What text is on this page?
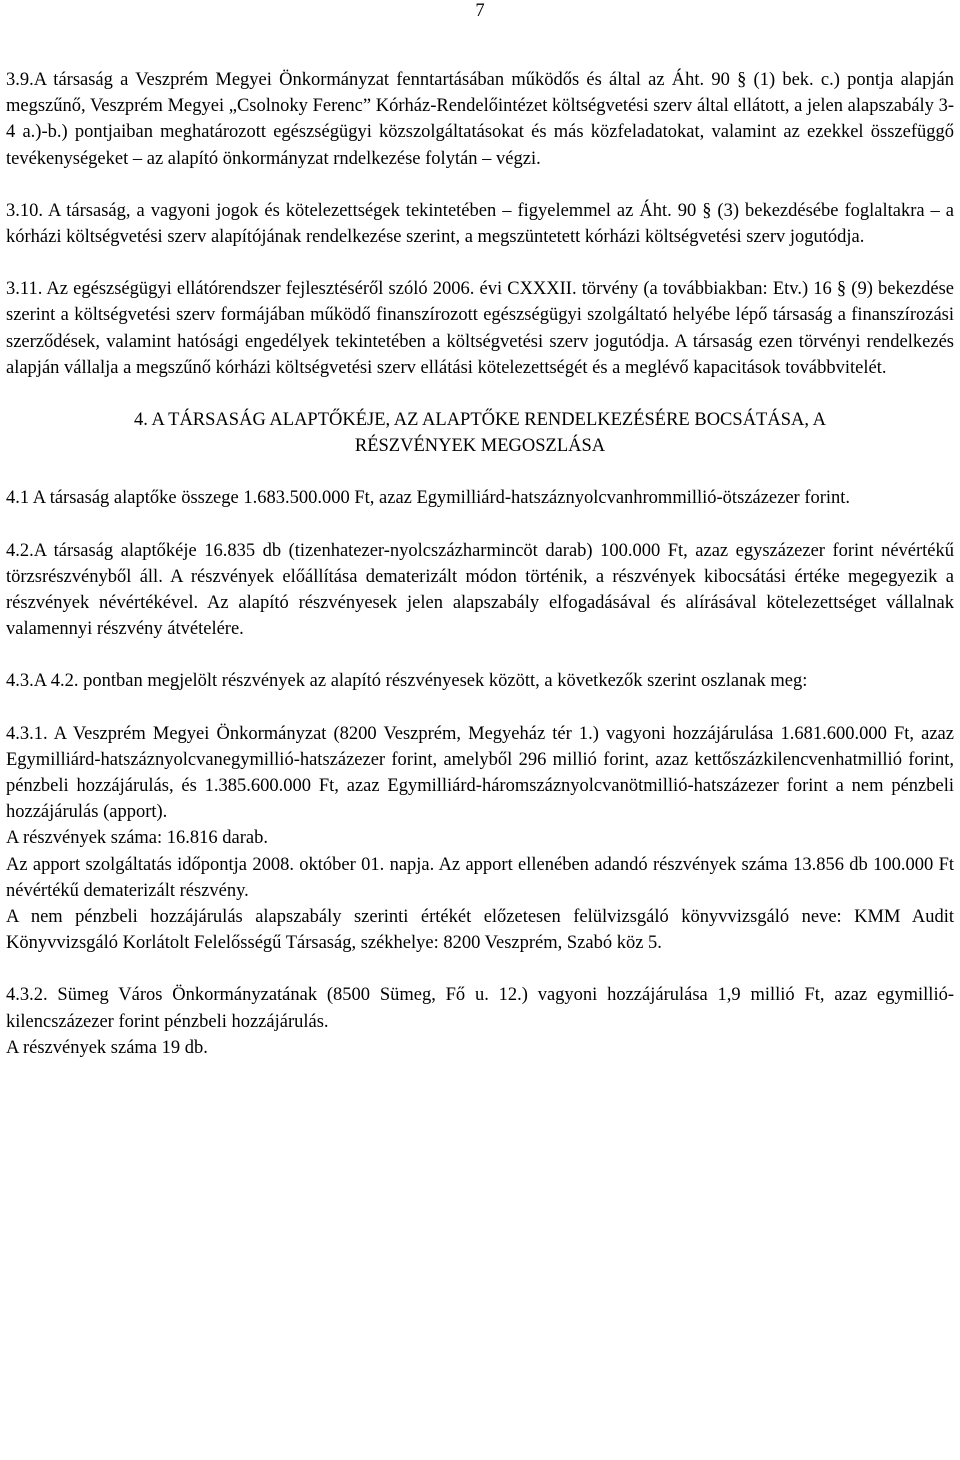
7

3.9.A társaság a Veszprém Megyei Önkormányzat fenntartásában működős és által az Áht. 90 § (1) bek. c.) pontja alapján megszűnő, Veszprém Megyei „Csolnoky Ferenc” Kórház-Rendelőintézet költségvetési szerv által ellátott, a jelen alapszabály 3-4 a.)-b.) pontjaiban meghatározott egészségügyi közszolgáltatásokat és más közfeladatokat, valamint az ezekkel összefüggő tevékenységeket – az alapító önkormányzat rndelkezése folytán – végzi.

3.10. A társaság, a vagyoni jogok és kötelezettségek tekintetében – figyelemmel az Áht. 90 § (3) bekezdésébe foglaltakra – a kórházi költségvetési szerv alapítójának rendelkezése szerint, a megszüntetett kórházi költségvetési szerv jogutódja.

3.11. Az egészségügyi ellátórendszer fejlesztéséről szóló 2006. évi CXXXII. törvény (a továbbiakban: Etv.) 16 § (9) bekezdése szerint a költségvetési szerv formájában működő finanszírozott egészségügyi szolgáltató helyébe lépő társaság a finanszírozási szerződések, valamint hatósági engedélyek tekintetében a költségvetési szerv jogutódja. A társaság ezen törvényi rendelkezés alapján vállalja a megszűnő kórházi költségvetési szerv ellátási kötelezettségét és a meglévő kapacitások továbbvitelét.

4. A TÁRSASÁG ALAPTŐKÉJE, AZ ALAPTŐKE RENDELKEZÉSÉRE BOCSÁTÁSA, A
RÉSZVÉNYEK MEGOSZLÁSA

4.1 A társaság alaptőke összege 1.683.500.000 Ft, azaz Egymilliárd-hatszáznyolcvanhrommillió-ötszázezer forint.

4.2.A társaság alaptőkéje 16.835 db (tizenhatezer-nyolcszázharmincöt darab) 100.000 Ft, azaz egyszázezer forint névértékű törzsrészvényből áll. A részvények előállítása dematerizált módon történik, a részvények kibocsátási értéke megegyezik a részvények névértékével. Az alapító részvényesek jelen alapszabály elfogadásával és alírásával kötelezettséget vállalnak valamennyi részvény átvételére.

4.3.A 4.2. pontban megjelölt részvények az alapító részvényesek között, a következők szerint oszlanak meg:

4.3.1. A Veszprém Megyei Önkormányzat (8200 Veszprém, Megyeház tér 1.) vagyoni hozzájárulása 1.681.600.000 Ft, azaz Egymilliárd-hatszáznyolcvanegymillió-hatszázezer forint, amelyből 296 millió forint, azaz kettőszázkilencvenhatmillió forint, pénzbeli hozzájárulás, és 1.385.600.000 Ft, azaz Egymilliárd-háromszáznyolcvanötmillió-hatszázezer forint a nem pénzbeli hozzájárulás (apport).

A részvények száma: 16.816 darab.

Az apport szolgáltatás időpontja 2008. október 01. napja. Az apport ellenében adandó részvények száma 13.856 db 100.000 Ft névértékű dematerizált részvény.

A nem pénzbeli hozzájárulás alapszabály szerinti értékét előzetesen felülvizsgáló könyvvizsgáló neve: KMM Audit Könyvvizsgáló Korlátolt Felelősségű Társaság, székhelye: 8200 Veszprém, Szabó köz 5.

4.3.2. Sümeg Város Önkormányzatának (8500 Sümeg, Fő u. 12.) vagyoni hozzájárulása 1,9 millió Ft, azaz egymillió-kilencszázezer forint pénzbeli hozzájárulás.

A részvények száma 19 db.
